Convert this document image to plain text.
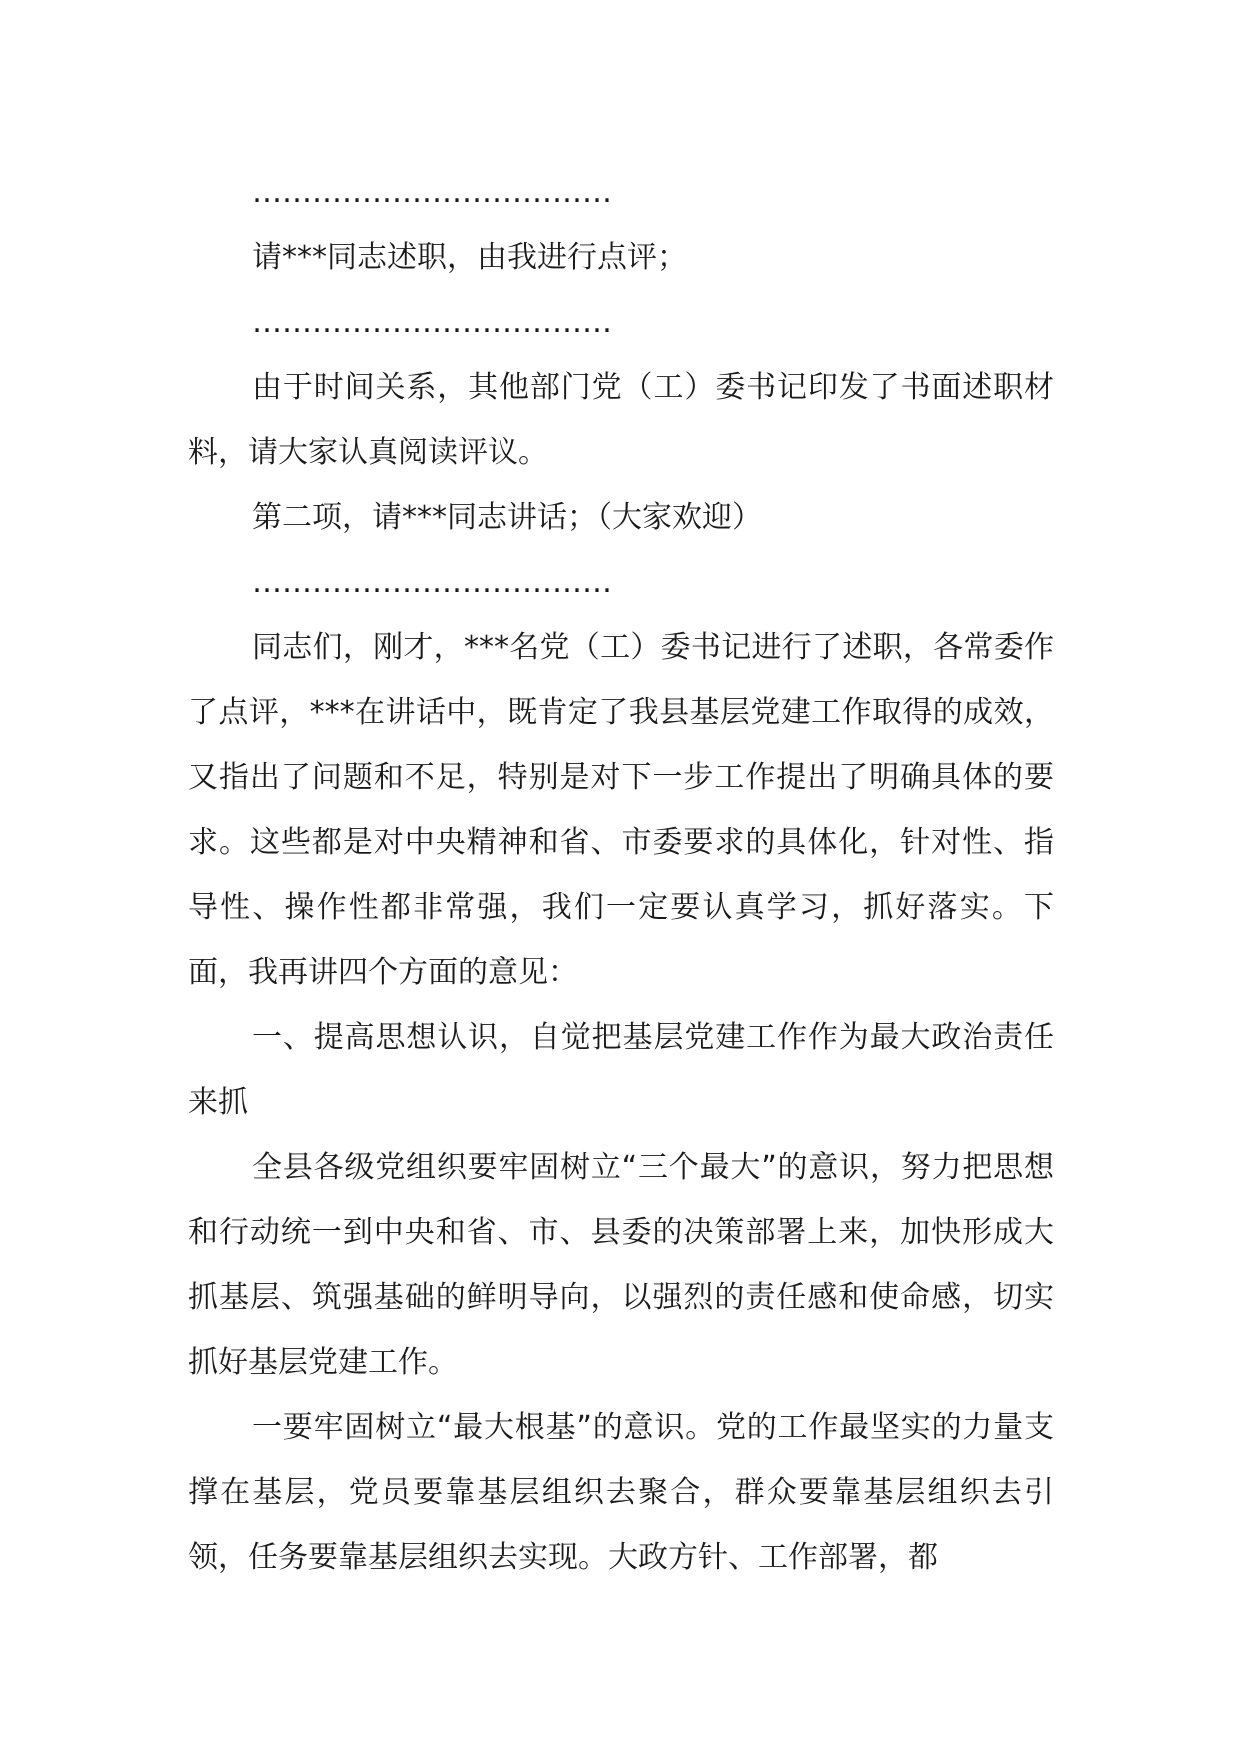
………………………………

请***同志述职，由我进行点评；

………………………………

由于时间关系，其他部门党（工）委书记印发了书面述职材料，请大家认真阅读评议。

第二项，请***同志讲话；（大家欢迎）

………………………………

同志们，刚才，***名党（工）委书记进行了述职，各常委作了点评，***在讲话中，既肯定了我县基层党建工作取得的成效，又指出了问题和不足，特别是对下一步工作提出了明确具体的要求。这些都是对中央精神和省、市委要求的具体化，针对性、指导性、操作性都非常强，我们一定要认真学习，抓好落实。下面，我再讲四个方面的意见：

一、提高思想认识，自觉把基层党建工作作为最大政治责任来抓

全县各级党组织要牢固树立“三个最大”的意识，努力把思想和行动统一到中央和省、市、县委的决策部署上来，加快形成大抓基层、筑强基础的鲜明导向，以强烈的责任感和使命感，切实抓好基层党建工作。

一要牢固树立“最大根基”的意识。党的工作最坚实的力量支撑在基层，党员要靠基层组织去聚合，群众要靠基层组织去引领，任务要靠基层组织去实现。大政方针、工作部署，都
